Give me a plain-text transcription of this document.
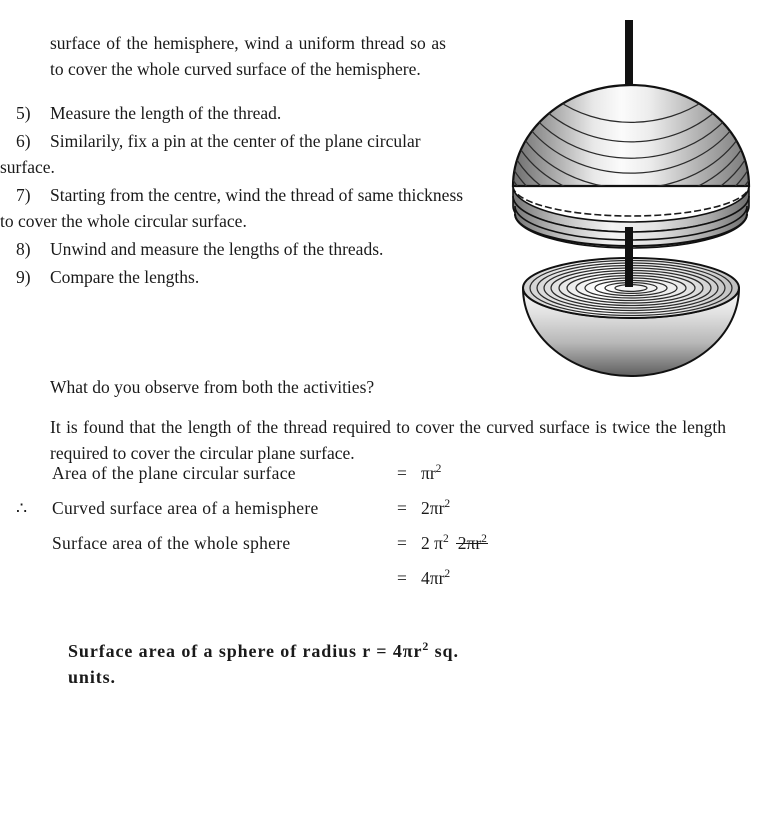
surface of the hemisphere, wind a uniform thread so as to cover the whole curved surface of the hemisphere.

5)	Measure the length of the thread.
6)	Similarily, fix a pin at the center of the plane circular surface.
7)	Starting from the centre, wind the thread of same thickness to cover the whole circular surface.
8)	Unwind and measure the lengths of the threads.
9)	Compare the lengths.

What do you observe from both the activities?

It is found that the length of the thread required to cover the curved surface is twice the length required to cover the circular plane surface.

Area of the plane circular surface	= $\pi r^2$
∴ Curved surface area of a hemisphere	= $2\pi r^2$
Surface area of the whole sphere	= 2 $\pi^2$ $2\pi r^2$
= $4\pi r^2$

Surface area of a sphere of radius $r = 4\pi r^2$ sq. units.
